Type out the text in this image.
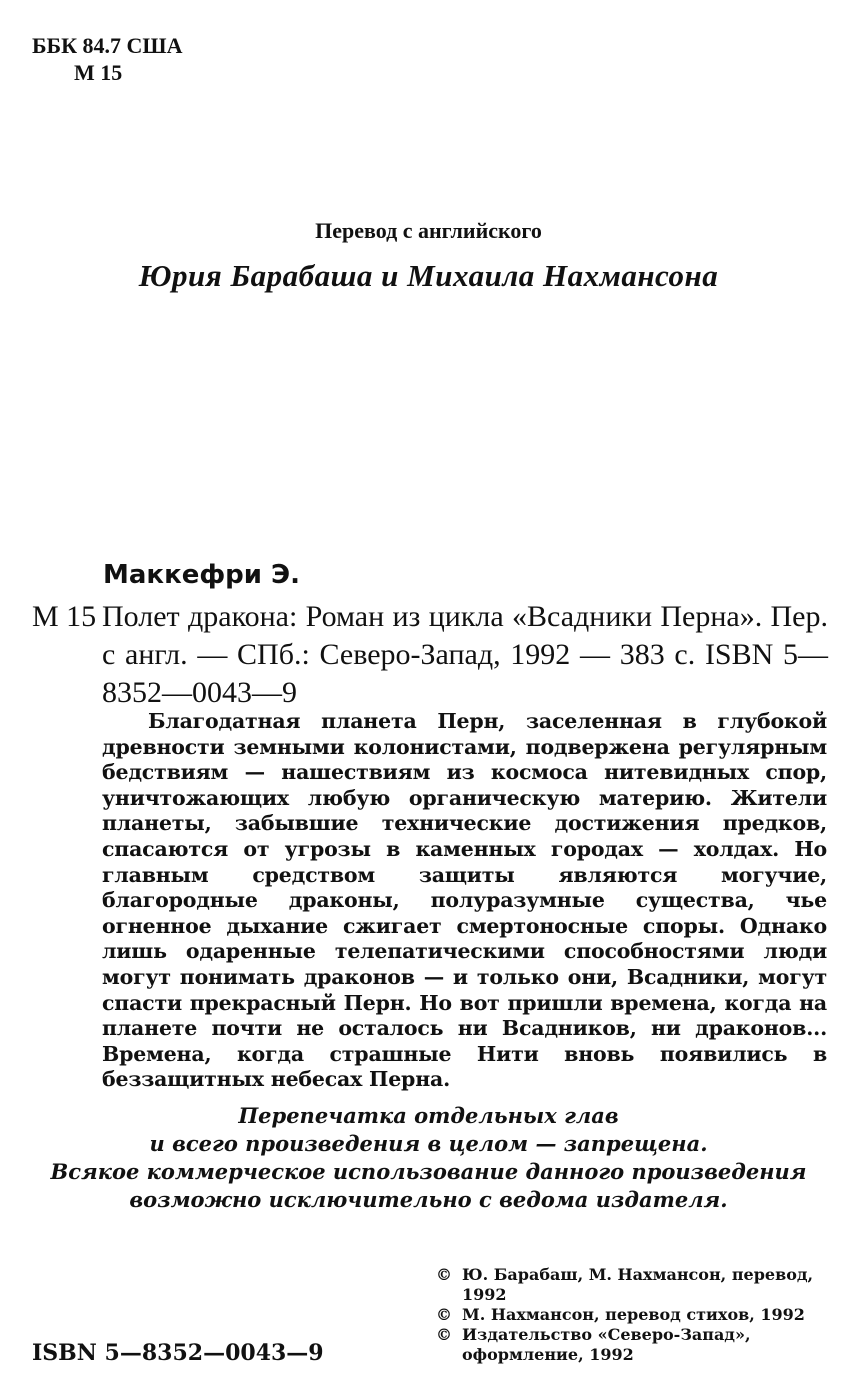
ББК 84.7 США
М 15
Перевод с английского
Юрия Барабаша и Михаила Нахмансона
Маккефри Э.
М 15 Полет дракона: Роман из цикла «Всадники Перна». Пер. с англ. — СПб.: Северо-Запад, 1992 — 383 с. ISBN 5—8352—0043—9
Благодатная планета Перн, заселенная в глубокой древности земными колонистами, подвержена регулярным бедствиям — нашествиям из космоса нитевидных спор, уничтожающих любую органическую материю. Жители планеты, забывшие технические достижения предков, спасаются от угрозы в каменных городах — холдах. Но главным средством защиты являются могучие, благородные драконы, полуразумные существа, чье огненное дыхание сжигает смертоносные споры. Однако лишь одаренные телепатическими способностями люди могут понимать драконов — и только они, Всадники, могут спасти прекрасный Перн. Но вот пришли времена, когда на планете почти не осталось ни Всадников, ни драконов... Времена, когда страшные Нити вновь появились в беззащитных небесах Перна.
Перепечатка отдельных глав
и всего произведения в целом — запрещена.
Всякое коммерческое использование данного произведения
возможно исключительно с ведома издателя.
© Ю. Барабаш, М. Нахмансон, перевод, 1992
© М. Нахмансон, перевод стихов, 1992
© Издательство «Северо-Запад», оформление, 1992
ISBN 5—8352—0043—9
